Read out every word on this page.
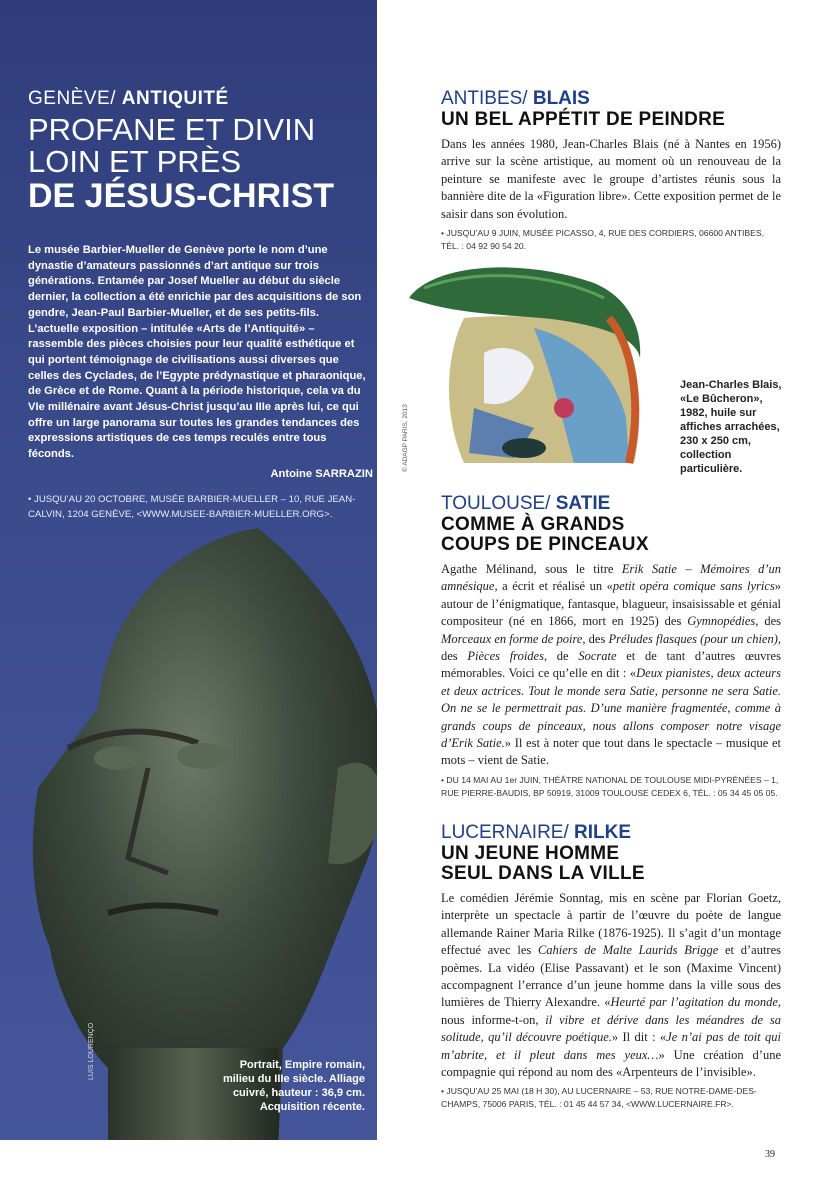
GENÈVE/ ANTIQUITÉ
PROFANE ET DIVIN
LOIN ET PRÈS
DE JÉSUS-CHRIST
Le musée Barbier-Mueller de Genève porte le nom d’une dynastie d’amateurs passionnés d’art antique sur trois générations. Entamée par Josef Mueller au début du siècle dernier, la collection a été enrichie par des acquisitions de son gendre, Jean-Paul Barbier-Mueller, et de ses petits-fils. L’actuelle exposition – intitulée «Arts de l’Antiquité» – rassemble des pièces choisies pour leur qualité esthétique et qui portent témoignage de civilisations aussi diverses que celles des Cyclades, de l’Egypte prédynastique et pharaonique, de Grèce et de Rome. Quant à la période historique, cela va du VIe millénaire avant Jésus-Christ jusqu’au IIIe après lui, ce qui offre un large panorama sur toutes les grandes tendances des expressions artistiques de ces temps reculés entre tous féconds.
Antoine SARRAZIN
• JUSQU’AU 20 OCTOBRE, MUSÉE BARBIER-MUELLER – 10, RUE JEAN-CALVIN, 1204 GENÈVE, <WWW.MUSEE-BARBIER-MUELLER.ORG>.
Portrait, Empire romain, milieu du IIIe siècle. Alliage cuivré, hauteur : 36,9 cm. Acquisition récente.
LUIS LOURENÇO
ANTIBES/ BLAIS
UN BEL APPÉTIT DE PEINDRE
Dans les années 1980, Jean-Charles Blais (né à Nantes en 1956) arrive sur la scène artistique, au moment où un renouveau de la peinture se manifeste avec le groupe d’artistes réunis sous la bannière dite de la «Figuration libre». Cette exposition permet de le saisir dans son évolution.
• JUSQU’AU 9 JUIN, MUSÉE PICASSO, 4, RUE DES CORDIERS, 06600 ANTIBES, TÉL. : 04 92 90 54 20.
Jean-Charles Blais, «Le Bûcheron», 1982, huile sur affiches arrachées, 230 x 250 cm, collection particulière.
© ADAGP PARIS, 2013
TOULOUSE/ SATIE
COMME À GRANDS
COUPS DE PINCEAUX
Agathe Mélinand, sous le titre Erik Satie – Mémoires d’un amnésique, a écrit et réalisé un «petit opéra comique sans lyrics» autour de l’énigmatique, fantasque, blagueur, insaisissable et génial compositeur (né en 1866, mort en 1925) des Gymnopédies, des Morceaux en forme de poire, des Préludes flasques (pour un chien), des Pièces froides, de Socrate et de tant d’autres œuvres mémorables. Voici ce qu’elle en dit : «Deux pianistes, deux acteurs et deux actrices. Tout le monde sera Satie, personne ne sera Satie. On ne se le permettrait pas. D’une manière fragmentée, comme à grands coups de pinceaux, nous allons composer notre visage d’Erik Satie.» Il est à noter que tout dans le spectacle – musique et mots – vient de Satie.
• DU 14 MAI AU 1er JUIN, THÉÂTRE NATIONAL DE TOULOUSE MIDI-PYRÉNÉES – 1, RUE PIERRE-BAUDIS, BP 50919, 31009 TOULOUSE CEDEX 6, TÉL. : 05 34 45 05 05.
LUCERNAIRE/ RILKE
UN JEUNE HOMME
SEUL DANS LA VILLE
Le comédien Jérémie Sonntag, mis en scène par Florian Goetz, interprète un spectacle à partir de l’œuvre du poète de langue allemande Rainer Maria Rilke (1876-1925). Il s’agit d’un montage effectué avec les Cahiers de Malte Laurids Brigge et d’autres poèmes. La vidéo (Elise Passavant) et le son (Maxime Vincent) accompagnent l’errance d’un jeune homme dans la ville sous des lumières de Thierry Alexandre. «Heurté par l’agitation du monde, nous informe-t-on, il vibre et dérive dans les méandres de sa solitude, qu’il découvre poétique.» Il dit : «Je n’ai pas de toit qui m’abrite, et il pleut dans mes yeux…» Une création d’une compagnie qui répond au nom des «Arpenteurs de l’invisible».
• JUSQU’AU 25 MAI (18 H 30), AU LUCERNAIRE – 53, RUE NOTRE-DAME-DES-CHAMPS, 75006 PARIS, TÉL. : 01 45 44 57 34, <WWW.LUCERNAIRE.FR>.
39
